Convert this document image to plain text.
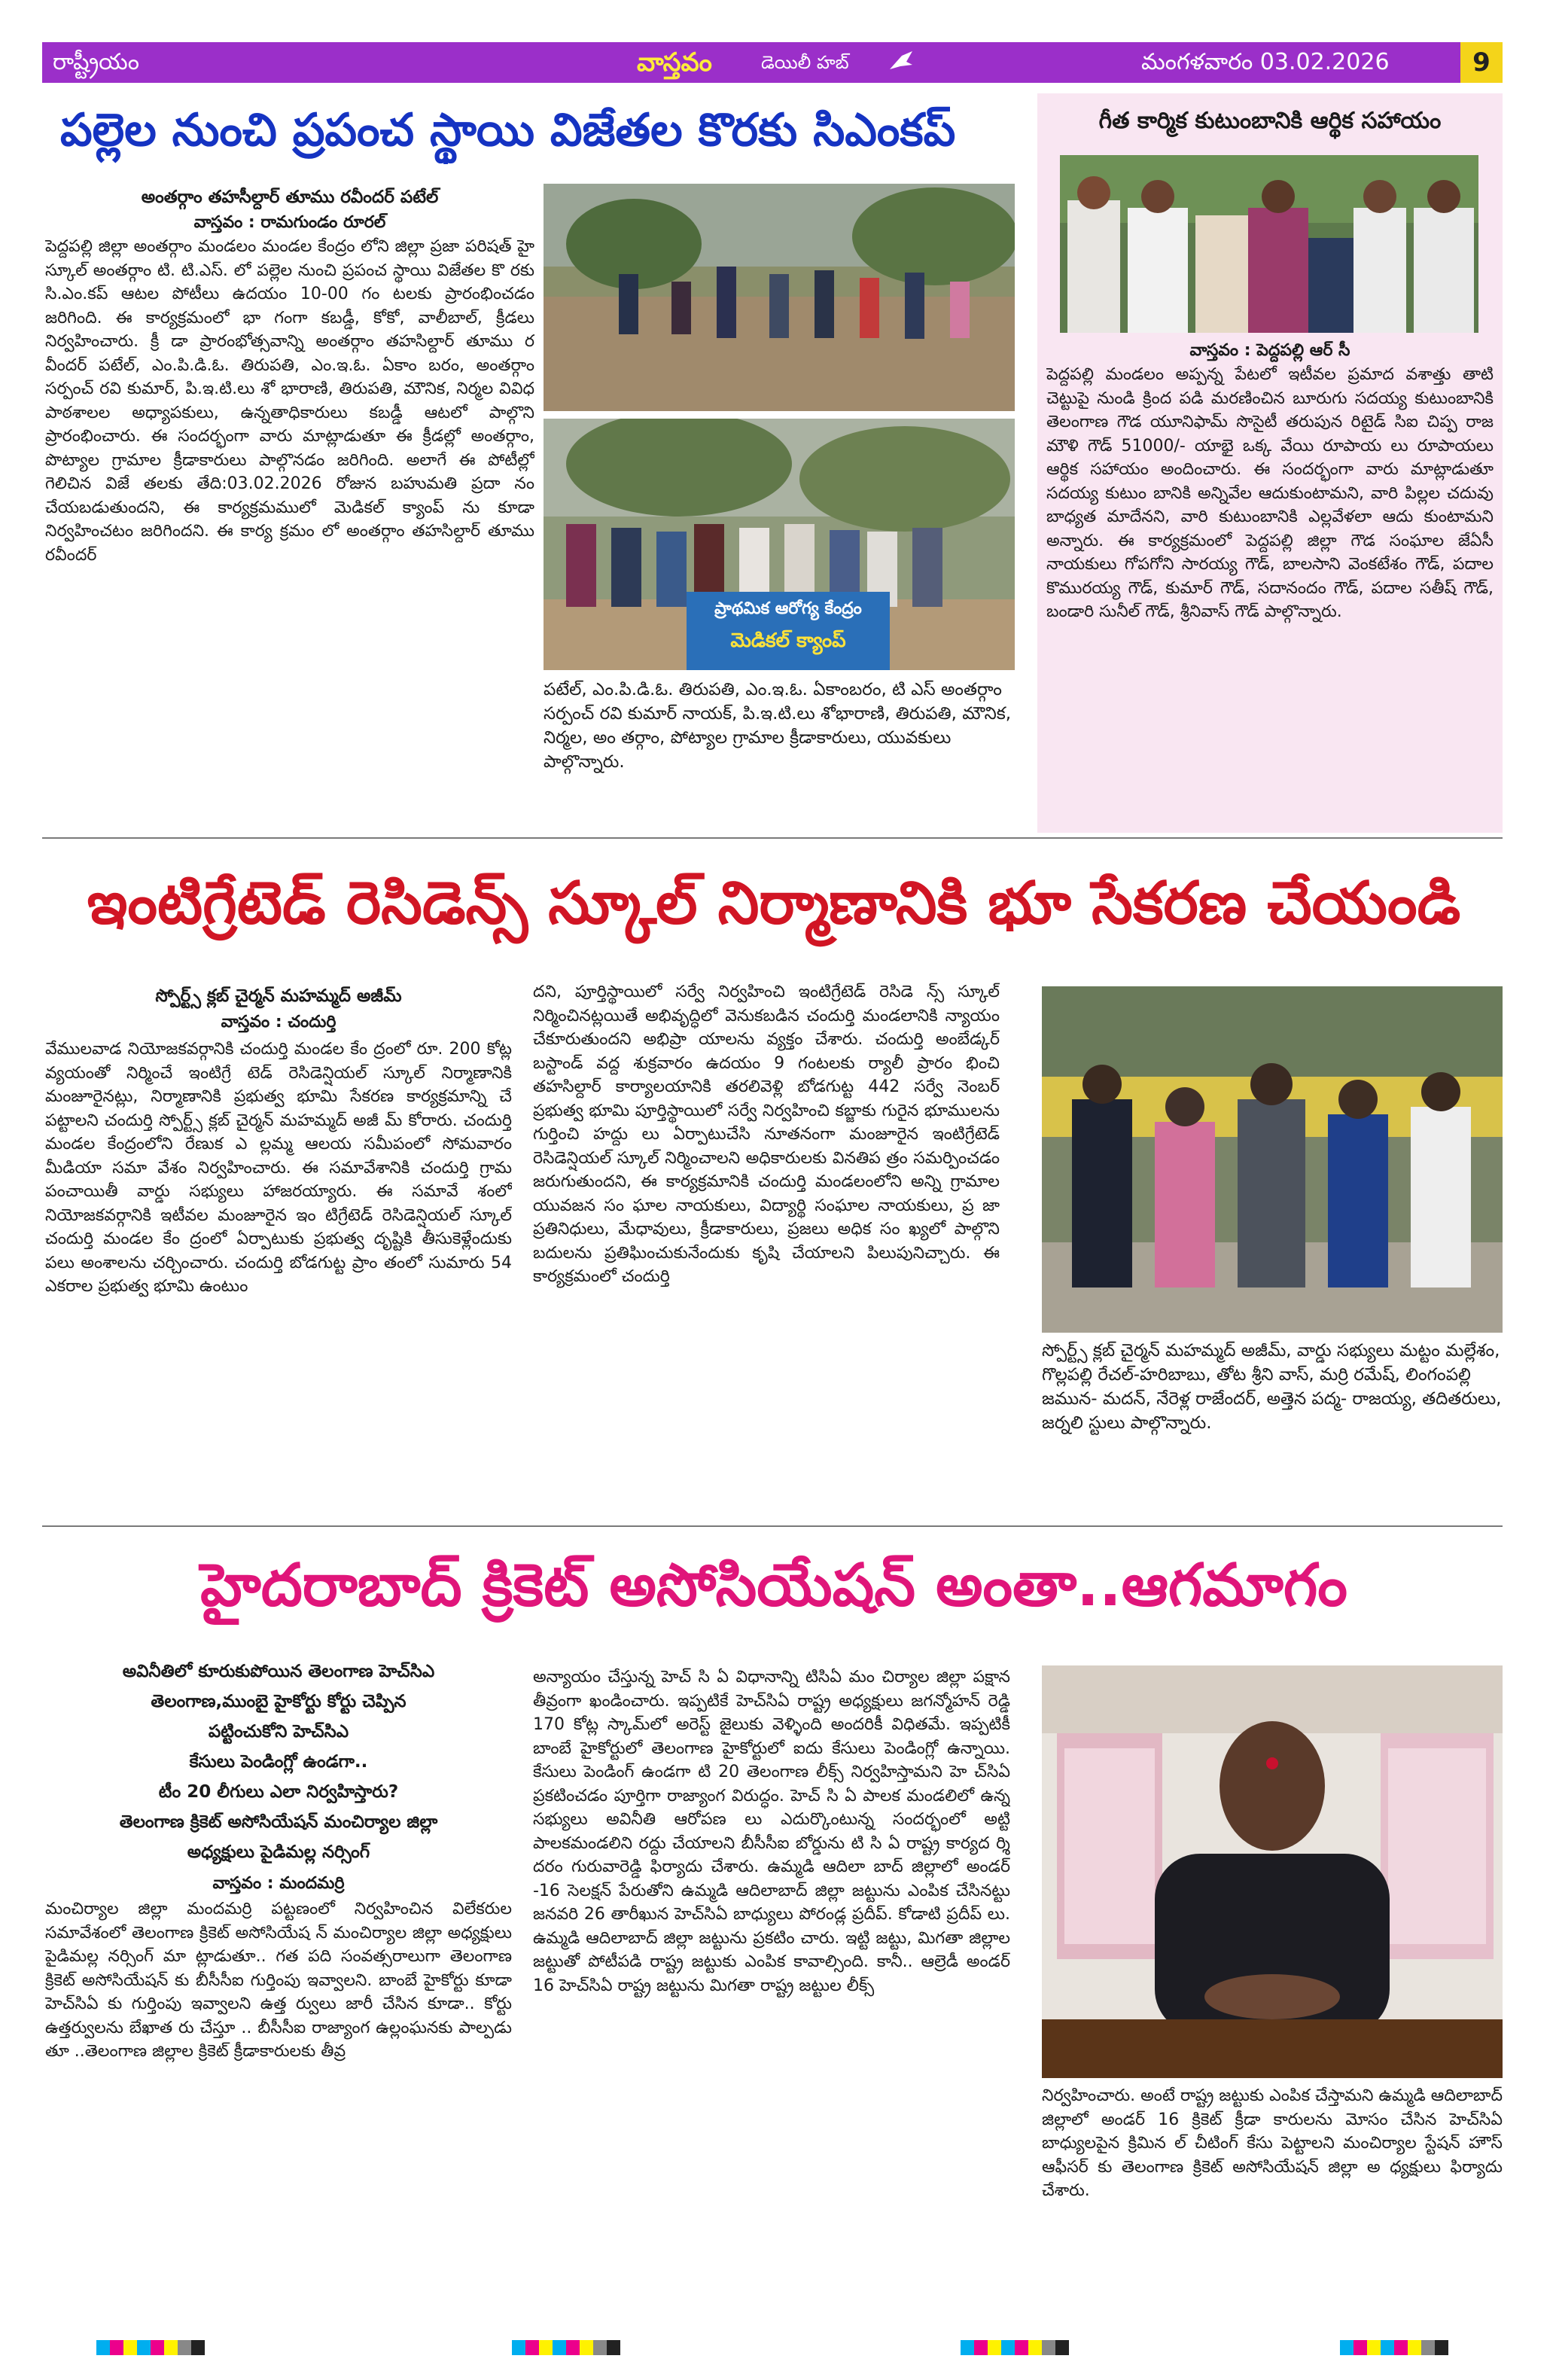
రాష్ట్రీయం	వాస్తవం	డెయిలీ హబ్	మంగళవారం 03.02.2026	9
పల్లెల నుంచి ప్రపంచ స్థాయి విజేతల కొరకు సిఎంకప్
అంతర్గాం తహసీల్దార్ తూము రవీందర్ పటేల్
వాస్తవం : రామగుండం రూరల్
పెద్దపల్లి జిల్లా అంతర్గాం మండలం మండల కేంద్రం లోని జిల్లా ప్రజా పరిషత్ హై స్కూల్ అంతర్గాం టి. టి.ఎస్. లో పల్లెల నుంచి ప్రపంచ స్థాయి విజేతల కొ రకు సి.ఎం.కప్ ఆటల పోటీలు ఉదయం 10-00 గం టలకు ప్రారంభించడం జరిగింది. ఈ కార్యక్రమంలో భా గంగా కబడ్డీ, కోకో, వాలీబాల్, క్రీడలు నిర్వహించారు. క్రీ డా ప్రారంభోత్సవాన్ని అంతర్గాం తహసిల్దార్ తూము ర వీందర్ పటేల్, ఎం.పి.డి.ఓ. తిరుపతి, ఎం.ఇ.ఓ. ఏకాం బరం, అంతర్గాం సర్పంచ్ రవి కుమార్, పి.ఇ.టి.లు శో భారాణి, తిరుపతి, మౌనిక, నిర్మల వివిధ పాఠశాలల అధ్యాపకులు, ఉన్నతాధికారులు కబడ్డీ ఆటలో పాల్గొని ప్రారంభించారు. ఈ సందర్భంగా వారు మాట్లాడుతూ ఈ క్రీడల్లో అంతర్గాం, పొట్యాల గ్రామాల క్రీడాకారులు పాల్గొనడం జరిగింది. అలాగే ఈ పోటీల్లో గెలిచిన విజే తలకు తేది:03.02.2026 రోజున బహుమతి ప్రదా నం చేయబడుతుందని, ఈ కార్యక్రమములో మెడికల్ క్యాంప్ ను కూడా నిర్వహించటం జరిగిందని. ఈ కార్య క్రమం లో అంతర్గాం తహసిల్దార్ తూము రవీందర్
ప్రాథమిక ఆరోగ్య కేంద్రం
మెడికల్ క్యాంప్
పటేల్, ఎం.పి.డి.ఓ. తిరుపతి, ఎం.ఇ.ఓ. ఏకాంబరం, టి ఎస్ అంతర్గాం సర్పంచ్ రవి కుమార్ నాయక్, పి.ఇ.టి.లు శోభారాణి, తిరుపతి, మౌనిక, నిర్మల, అం తర్గాం, పోట్యాల గ్రామాల క్రీడాకారులు, యువకులు పాల్గొన్నారు.
గీత కార్మిక కుటుంబానికి ఆర్థిక సహాయం
వాస్తవం : పెద్దపల్లి ఆర్ సీ
పెద్దపల్లి మండలం అప్పన్న పేటలో ఇటీవల ప్రమాద వశాత్తు తాటి చెట్టుపై నుండి క్రింద పడి మరణించిన బూరుగు సదయ్య కుటుంబానికి తెలంగాణ గౌడ యూనిఫామ్ సొసైటీ తరుపున రిటైడ్ సిఐ చిప్ప రాజ మౌళి గౌడ్ 51000/- యాభై ఒక్క వేయి రూపాయ లు రూపాయలు ఆర్థిక సహాయం అందించారు. ఈ సందర్భంగా వారు మాట్లాడుతూ సదయ్య కుటుం బానికి అన్నివేల ఆదుకుంటామని, వారి పిల్లల చదువు బాధ్యత మాదేనని, వారి కుటుంబానికి ఎల్లవేళలా ఆదు కుంటామని అన్నారు. ఈ కార్యక్రమంలో పెద్దపల్లి జిల్లా గౌడ సంఘాల జేఏసీ నాయకులు గోపగోని సారయ్య గౌడ్, బాలసాని వెంకటేశం గౌడ్, పదాల కొమురయ్య గౌడ్, కుమార్ గౌడ్, సదానందం గౌడ్, పదాల సతీష్ గౌడ్, బండారి సునీల్ గౌడ్, శ్రీనివాస్ గౌడ్ పాల్గొన్నారు.
ఇంటిగ్రేటెడ్ రెసిడెన్స్ స్కూల్ నిర్మాణానికి భూ సేకరణ చేయండి
స్పోర్ట్స్ క్లబ్ చైర్మన్ మహమ్మద్ అజీమ్
వాస్తవం : చందుర్తి
వేములవాడ నియోజకవర్గానికి చందుర్తి మండల కేం ద్రంలో రూ. 200 కోట్ల వ్యయంతో నిర్మించే ఇంటిగ్రే టెడ్ రెసిడెన్షియల్ స్కూల్ నిర్మాణానికి మంజూరైనట్లు, నిర్మాణానికి ప్రభుత్వ భూమి సేకరణ కార్యక్రమాన్ని చే పట్టాలని చందుర్తి స్పోర్ట్స్ క్లబ్ చైర్మన్ మహమ్మద్ అజీ మ్ కోరారు. చందుర్తి మండల కేంద్రంలోని రేణుక ఎ ల్లమ్మ ఆలయ సమీపంలో సోమవారం మీడియా సమా వేశం నిర్వహించారు. ఈ సమావేశానికి చందుర్తి గ్రామ పంచాయితీ వార్డు సభ్యులు హాజరయ్యారు. ఈ సమావే శంలో నియోజకవర్గానికి ఇటీవల మంజూరైన ఇం టిగ్రేటెడ్ రెసిడెన్షియల్ స్కూల్ చందుర్తి మండల కేం ద్రంలో ఏర్పాటుకు ప్రభుత్వ దృష్టికి తీసుకెళ్లేందుకు పలు అంశాలను చర్చించారు. చందుర్తి బోడగుట్ట ప్రాం తంలో సుమారు 54 ఎకరాల ప్రభుత్వ భూమి ఉంటుం
దని, పూర్తిస్థాయిలో సర్వే నిర్వహించి ఇంటిగ్రేటెడ్ రెసిడె న్స్ స్కూల్ నిర్మించినట్లయితే అభివృద్ధిలో వెనుకబడిన చందుర్తి మండలానికి న్యాయం చేకూరుతుందని అభిప్రా యాలను వ్యక్తం చేశారు. చందుర్తి అంబేడ్కర్ బస్టాండ్ వద్ద శుక్రవారం ఉదయం 9 గంటలకు ర్యాలీ ప్రారం భించి తహసిల్దార్ కార్యాలయానికి తరలివెళ్లి బోడగుట్ట 442 సర్వే నెంబర్ ప్రభుత్వ భూమి పూర్తిస్థాయిలో సర్వే నిర్వహించి కబ్జాకు గురైన భూములను గుర్తించి హద్దు లు ఏర్పాటుచేసి నూతనంగా మంజూరైన ఇంటిగ్రేటెడ్ రెసిడెన్షియల్ స్కూల్ నిర్మించాలని అధికారులకు వినతిప త్రం సమర్పించడం జరుగుతుందని, ఈ కార్యక్రమానికి చందుర్తి మండలంలోని అన్ని గ్రామాల యువజన సం ఘాల నాయకులు, విద్యార్థి సంఘాల నాయకులు, ప్ర జా ప్రతినిధులు, మేధావులు, క్రీడాకారులు, ప్రజలు అధిక సం ఖ్యలో పాల్గొని బదులను ప్రతిఘించుకునేందుకు కృషి చేయాలని పిలుపునిచ్చారు. ఈ కార్యక్రమంలో చందుర్తి
స్పోర్ట్స్ క్లబ్ చైర్మన్ మహమ్మద్ అజీమ్, వార్డు సభ్యులు మట్టం మల్లేశం, గొల్లపల్లి రేచల్-హరిబాబు, తోట శ్రీని వాస్, మర్రి రమేష్, లింగంపల్లి జమున- మదన్, నేరెళ్ల రాజేందర్, అత్తెన పద్మ- రాజయ్య, తదితరులు, జర్నలి స్టులు పాల్గొన్నారు.
హైదరాబాద్ క్రికెట్ అసోసియేషన్ అంతా..ఆగమాగం
అవినీతిలో కూరుకుపోయిన తెలంగాణ హెచ్‌సిఎ
తెలంగాణ,ముంబై హైకోర్టు కోర్టు చెప్పిన
పట్టించుకోని హెచ్‌సిఎ
కేసులు పెండింగ్లో ఉండగా..
టీం 20 లీగులు ఎలా నిర్వహిస్తారు?
తెలంగాణ క్రికెట్ అసోసియేషన్ మంచిర్యాల జిల్లా
అధ్యక్షులు పైడిమల్ల నర్సింగ్
వాస్తవం : మందమర్రి
మంచిర్యాల జిల్లా మందమర్రి పట్టణంలో నిర్వహించిన విలేకరుల సమావేశంలో తెలంగాణ క్రికెట్ అసోసియేష న్ మంచిర్యాల జిల్లా అధ్యక్షులు పైడిమల్ల నర్సింగ్ మా ట్లాడుతూ.. గత పది సంవత్సరాలుగా తెలంగాణ క్రికెట్ అసోసియేషన్ కు బీసీసీఐ గుర్తింపు ఇవ్వాలని. బాంబే హైకోర్టు కూడా హెచ్‌సిఏ కు గుర్తింపు ఇవ్వాలని ఉత్త ర్వులు జారీ చేసిన కూడా.. కోర్టు ఉత్తర్వులను బేఖాత రు చేస్తూ .. బీసీసీఐ రాజ్యాంగ ఉల్లంఘనకు పాల్పడు తూ ..తెలంగాణ జిల్లాల క్రికెట్ క్రీడాకారులకు తీవ్ర
అన్యాయం చేస్తున్న హెచ్ సి ఏ విధానాన్ని టిసిఏ మం చిర్యాల జిల్లా పక్షాన తీవ్రంగా ఖండించారు. ఇప్పటికే హెచ్‌సిఏ రాష్ట్ర అధ్యక్షులు జగన్మోహన్ రెడ్డి 170 కోట్ల స్కామ్‌లో అరెస్ట్ జైలుకు వెళ్ళింది అందరికీ విధితమే. ఇప్పటికీ బాంబే హైకోర్టులో తెలంగాణ హైకోర్టులో ఐదు కేసులు పెండింగ్లో ఉన్నాయి. కేసులు పెండింగ్ ఉండగా టి 20 తెలంగాణ లీక్స్ నిర్వహిస్తామని హె చ్‌సిఏ ప్రకటించడం పూర్తిగా రాజ్యాంగ విరుద్ధం. హెచ్ సి ఏ పాలక మండలిలో ఉన్న సభ్యులు అవినీతి ఆరోపణ లు ఎదుర్కొంటున్న సందర్భంలో అట్టి పాలకమండలిని రద్దు చేయాలని బీసీసీఐ బోర్డును టి సి ఏ రాష్ట్ర కార్యద ర్శి దరం గురువారెడ్డి ఫిర్యాదు చేశారు. ఉమ్మడి ఆదిలా బాద్ జిల్లాలో అండర్ -16 సెలక్షన్ పేరుతోని ఉమ్మడి ఆదిలాబాద్ జిల్లా జట్టును ఎంపిక చేసినట్టు జనవరి 26 తారీఖున హెచ్‌సిఏ బాధ్యులు పోరండ్ల ప్రదీప్. కోడాటి ప్రదీప్ లు. ఉమ్మడి ఆదిలాబాద్ జిల్లా జట్టును ప్రకటిం చారు. ఇట్టి జట్టు, మిగతా జిల్లాల జట్టుతో పోటీపడి రాష్ట్ర జట్టుకు ఎంపిక కావాల్సింది. కానీ.. ఆల్రెడీ అండర్ 16 హెచ్‌సిఏ రాష్ట్ర జట్టును మిగతా రాష్ట్ర జట్టుల లీక్స్
నిర్వహించారు. అంటే రాష్ట్ర జట్టుకు ఎంపిక చేస్తామని ఉమ్మడి ఆదిలాబాద్ జిల్లాలో అండర్ 16 క్రికెట్ క్రీడా కారులను మోసం చేసిన హెచ్‌సిఏ బాధ్యులపైన క్రిమిన ల్ చీటింగ్ కేసు పెట్టాలని మంచిర్యాల స్టేషన్ హౌస్ ఆఫీసర్ కు తెలంగాణ క్రికెట్ అసోసియేషన్ జిల్లా అ ధ్యక్షులు ఫిర్యాదు చేశారు.
